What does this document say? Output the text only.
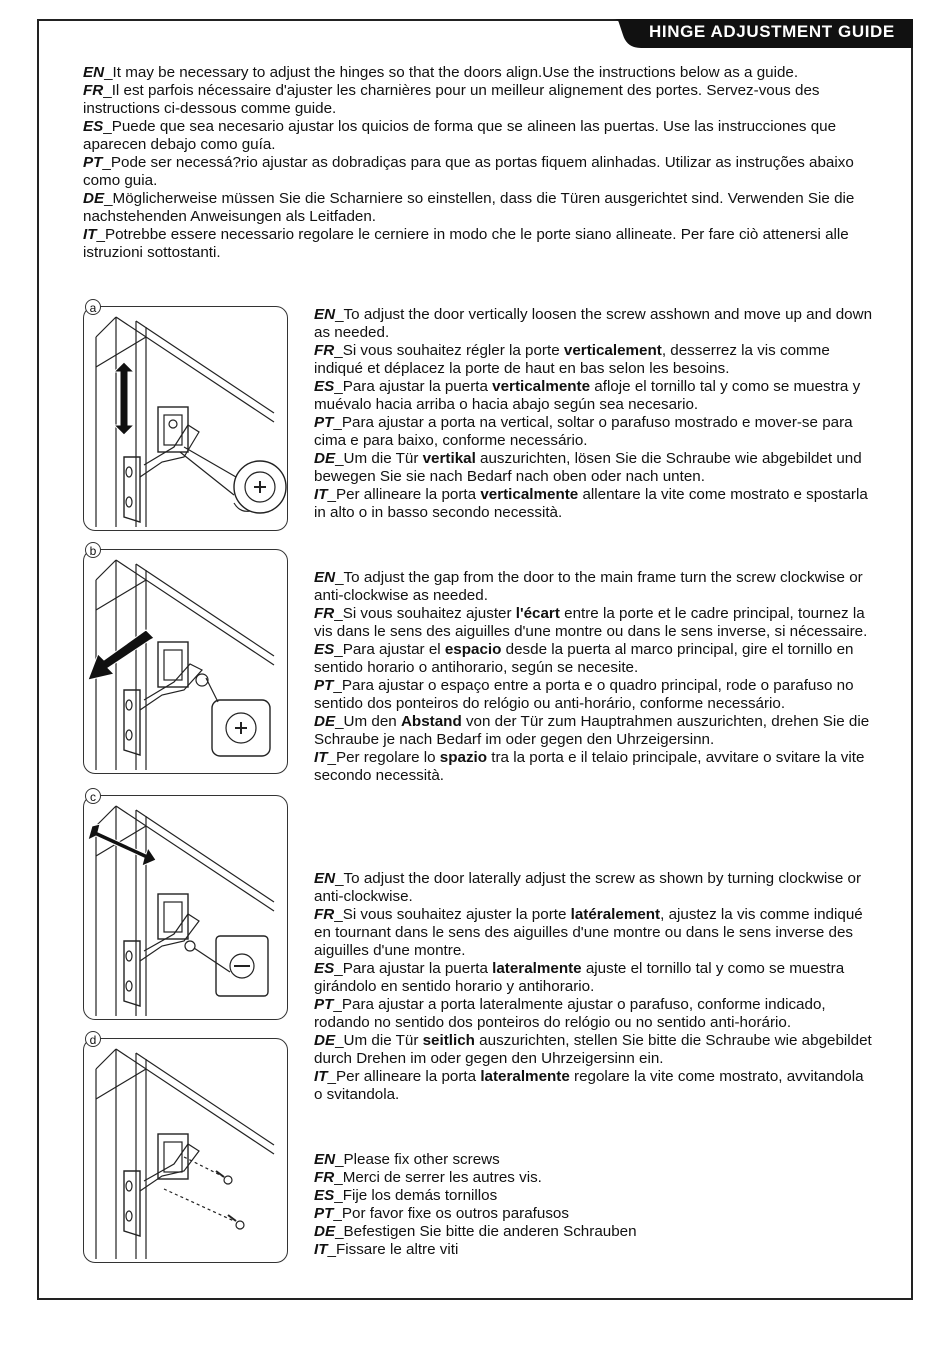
HINGE ADJUSTMENT GUIDE

EN_It may be necessary to adjust the hinges so that the doors align.Use the instructions below as a guide.

FR_Il est parfois nécessaire d'ajuster les charnières pour un meilleur alignement des portes. Servez-vous des instructions ci-dessous comme guide.

ES_Puede que sea necesario ajustar los quicios de forma que se alineen las puertas. Use las instrucciones que aparecen debajo como guía.

PT_Pode ser necessá?rio ajustar as dobradiças para que as portas fiquem alinhadas. Utilizar as instruções abaixo como guia.

DE_Möglicherweise müssen Sie die Scharniere so einstellen, dass die Türen ausgerichtet sind. Verwenden Sie die nachstehenden Anweisungen als Leitfaden.

IT_Potrebbe essere necessario regolare le cerniere in modo che le porte siano allineate. Per fare ciò attenersi alle istruzioni sottostanti.

a
b
c
d

EN_To adjust the door vertically loosen the screw asshown and move up and down as needed.

FR_Si vous souhaitez régler la porte verticalement, desserrez la vis comme indiqué et déplacez la porte de haut en bas selon les besoins.

ES_Para ajustar la puerta verticalmente afloje el tornillo tal y como se muestra y muévalo hacia arriba o hacia abajo según sea necesario.

PT_Para ajustar a porta na vertical, soltar o parafuso mostrado e mover-se para cima e para baixo, conforme necessário.

DE_Um die Tür vertikal auszurichten, lösen Sie die Schraube wie abgebildet und bewegen Sie sie nach Bedarf nach oben oder nach unten.

IT_Per allineare la porta verticalmente allentare la vite come mostrato e spostarla in alto o in basso secondo necessità.

EN_To adjust the gap from the door to the main frame turn the screw clockwise or anti-clockwise as needed.

FR_Si vous souhaitez ajuster l'écart entre la porte et le cadre principal, tournez la vis dans le sens des aiguilles d'une montre ou dans le sens inverse, si nécessaire.

ES_Para ajustar el espacio desde la puerta al marco principal, gire el tornillo en sentido horario o antihorario, según se necesite.

PT_Para ajustar o espaço entre a porta e o quadro principal, rode o parafuso no sentido dos ponteiros do relógio ou anti-horário, conforme necessário.

DE_Um den Abstand von der Tür zum Hauptrahmen auszurichten, drehen Sie die Schraube je nach Bedarf im oder gegen den Uhrzeigersinn.

IT_Per regolare lo spazio tra la porta e il telaio principale, avvitare o svitare la vite secondo necessità.

EN_To adjust the door laterally adjust the screw as shown by turning clockwise or anti-clockwise.

FR_Si vous souhaitez ajuster la porte latéralement, ajustez la vis comme indiqué en tournant dans le sens des aiguilles d'une montre ou dans le sens inverse des aiguilles d'une montre.

ES_Para ajustar la puerta lateralmente ajuste el tornillo tal y como se muestra girándolo en sentido horario y antihorario.

PT_Para ajustar a porta lateralmente ajustar o parafuso, conforme indicado, rodando no sentido dos ponteiros do relógio ou no sentido anti-horário.

DE_Um die Tür seitlich auszurichten, stellen Sie bitte die Schraube wie abgebildet durch Drehen im oder gegen den Uhrzeigersinn ein.

IT_Per allineare la porta lateralmente regolare la vite come mostrato, avvitandola o svitandola.

EN_Please fix other screws

FR_Merci de serrer les autres vis.

ES_Fije los demás tornillos

PT_Por favor fixe os outros parafusos

DE_Befestigen Sie bitte die anderen Schrauben

IT_Fissare le altre viti
